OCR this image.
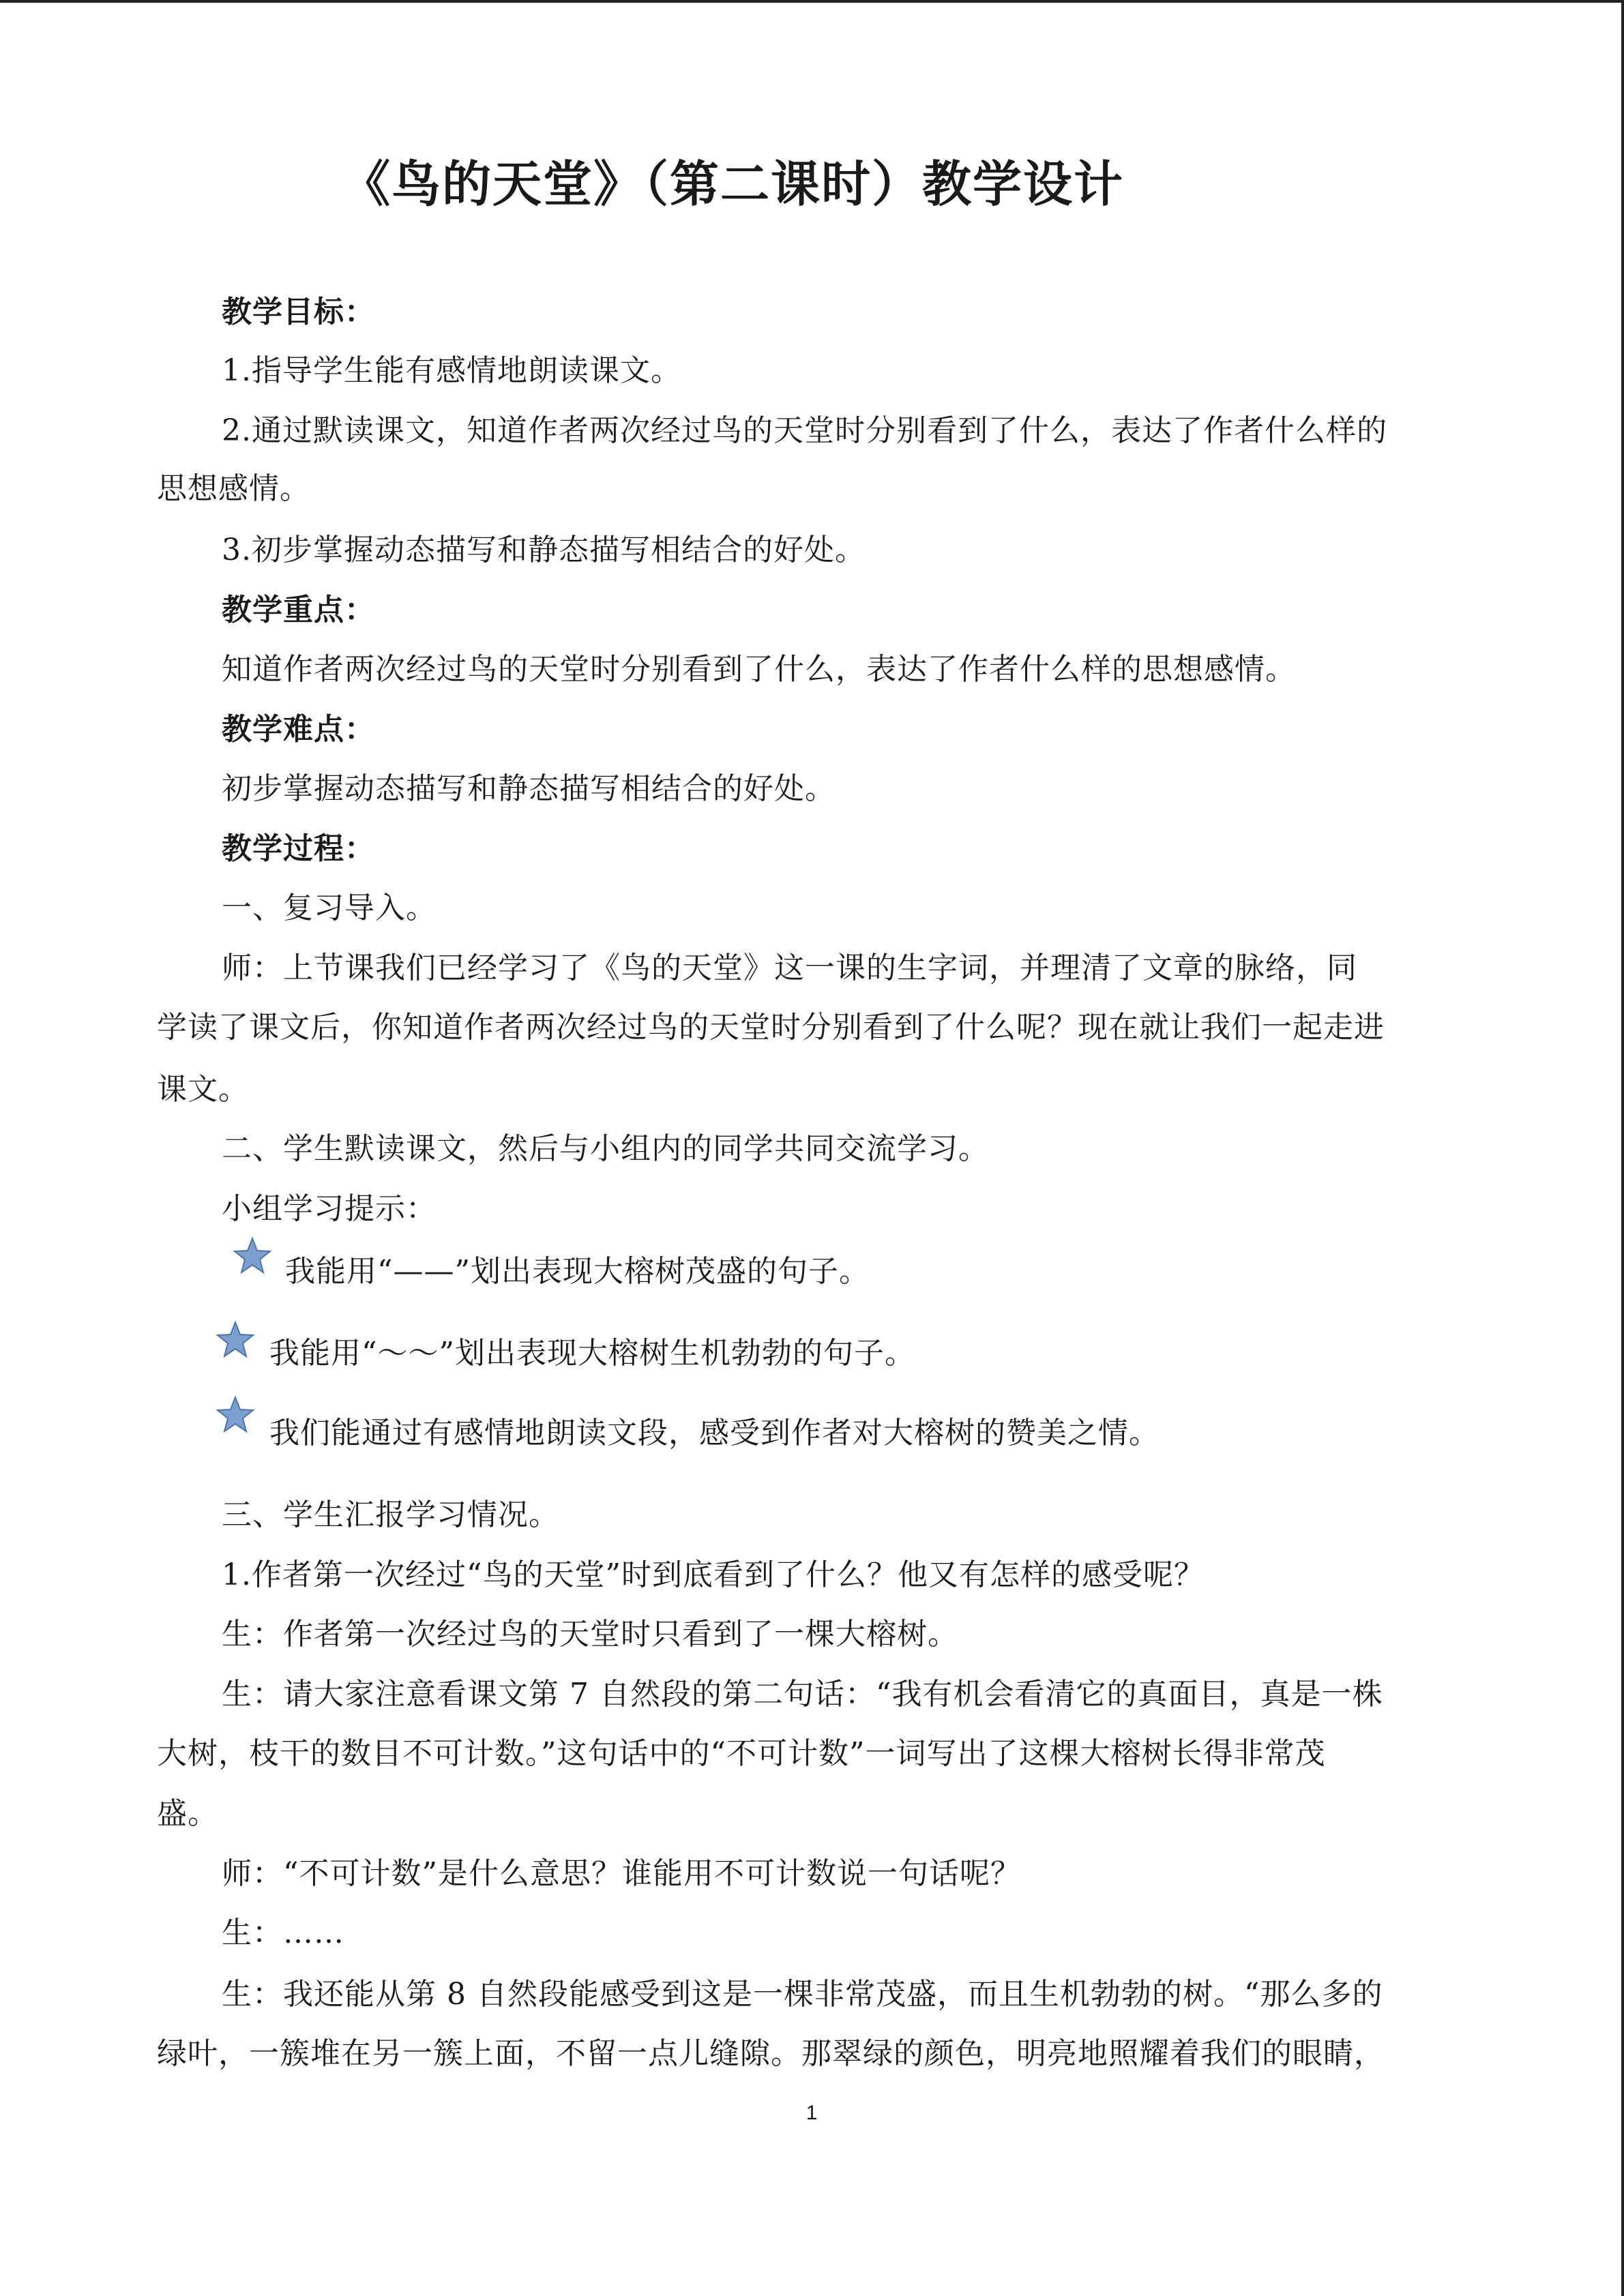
《鸟的天堂》（第二课时）教学设计
教学目标：
1.指导学生能有感情地朗读课文。
2.通过默读课文，知道作者两次经过鸟的天堂时分别看到了什么，表达了作者什么样的
思想感情。
3.初步掌握动态描写和静态描写相结合的好处。
教学重点：
知道作者两次经过鸟的天堂时分别看到了什么，表达了作者什么样的思想感情。
教学难点：
初步掌握动态描写和静态描写相结合的好处。
教学过程：
一、复习导入。
师：上节课我们已经学习了《鸟的天堂》这一课的生字词，并理清了文章的脉络，同
学读了课文后，你知道作者两次经过鸟的天堂时分别看到了什么呢？现在就让我们一起走进
课文。
二、学生默读课文，然后与小组内的同学共同交流学习。
小组学习提示：
我能用“——”划出表现大榕树茂盛的句子。
我能用“～～”划出表现大榕树生机勃勃的句子。
我们能通过有感情地朗读文段，感受到作者对大榕树的赞美之情。
三、学生汇报学习情况。
1.作者第一次经过“鸟的天堂”时到底看到了什么？他又有怎样的感受呢？
生：作者第一次经过鸟的天堂时只看到了一棵大榕树。
生：请大家注意看课文第 7 自然段的第二句话：“我有机会看清它的真面目，真是一株
大树，枝干的数目不可计数。”这句话中的“不可计数”一词写出了这棵大榕树长得非常茂
盛。
师：“不可计数”是什么意思？谁能用不可计数说一句话呢？
生：……
生：我还能从第 8 自然段能感受到这是一棵非常茂盛，而且生机勃勃的树。“那么多的
绿叶，一簇堆在另一簇上面，不留一点儿缝隙。那翠绿的颜色，明亮地照耀着我们的眼睛，
1
